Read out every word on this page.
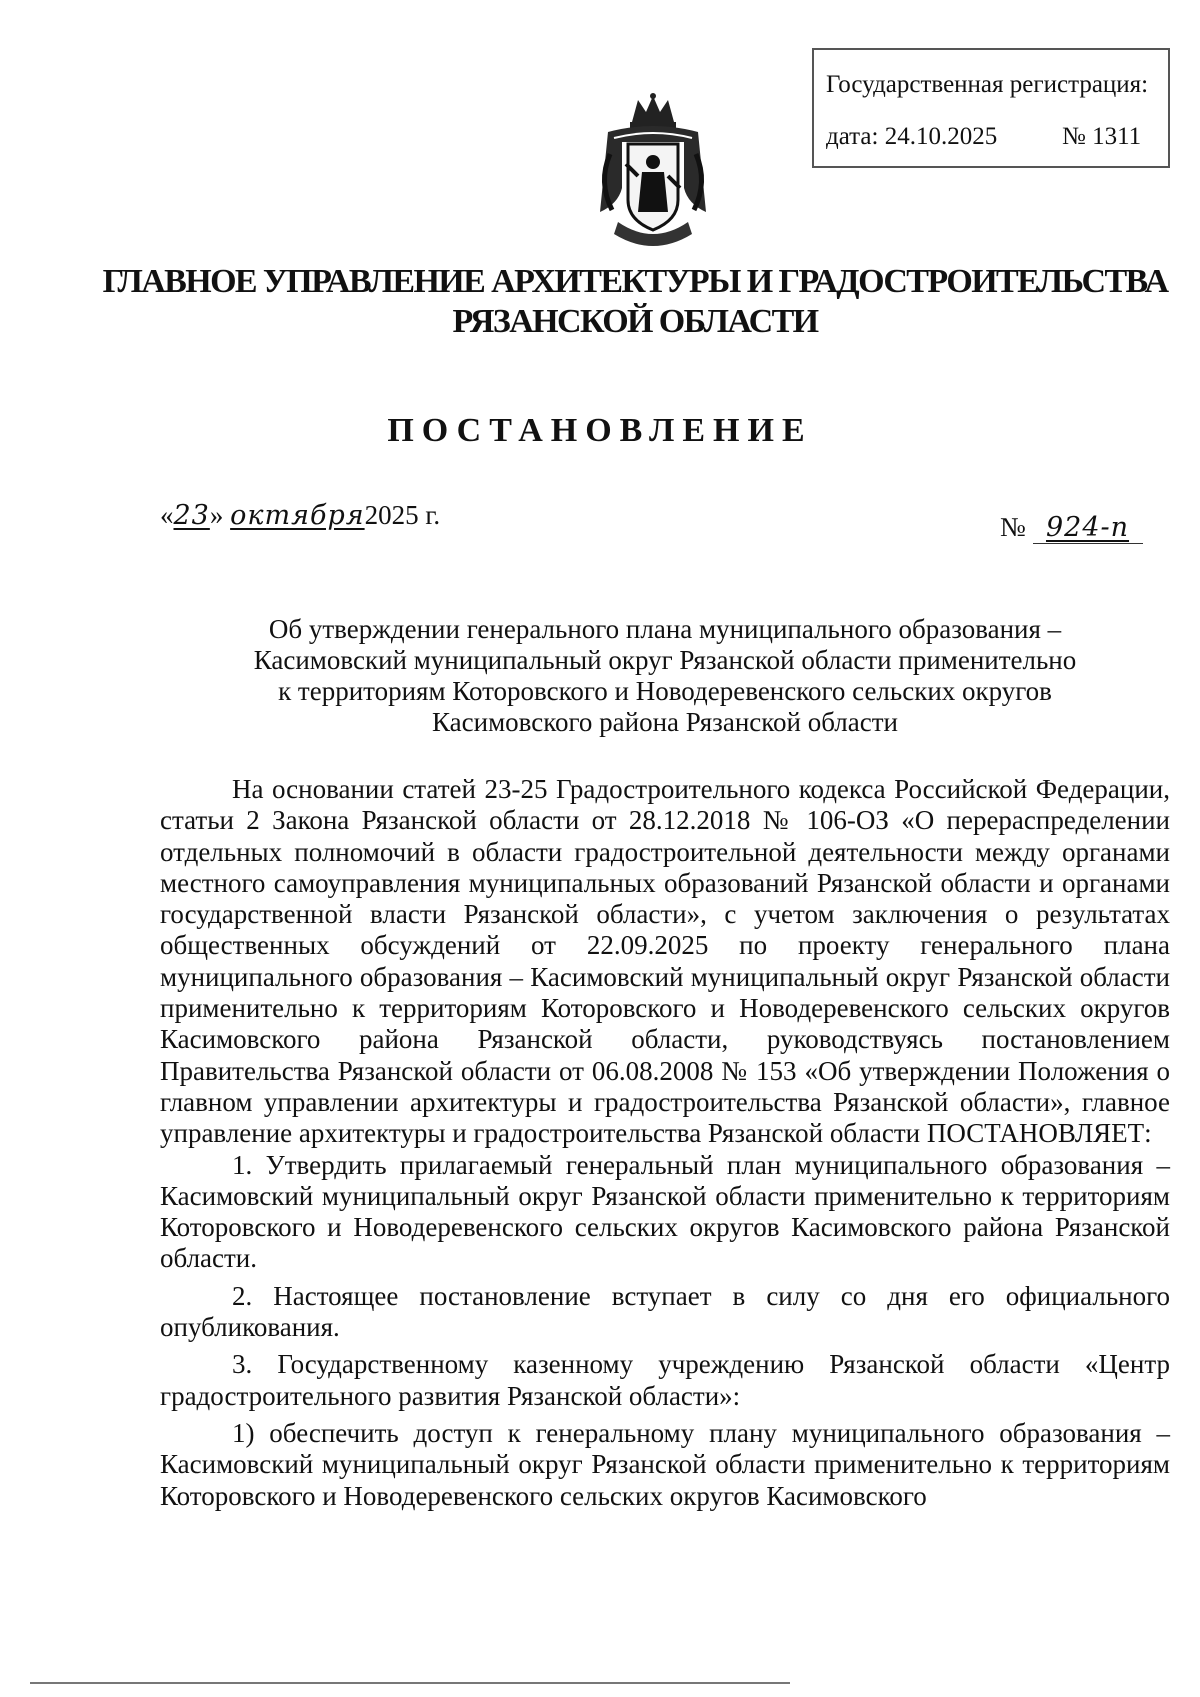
Государственная регистрация:
дата: 24.10.2025	№ 1311
ГЛАВНОЕ УПРАВЛЕНИЕ АРХИТЕКТУРЫ И ГРАДОСТРОИТЕЛЬСТВА
РЯЗАНСКОЙ ОБЛАСТИ
ПОСТАНОВЛЕНИЕ
«23» октября2025 г.	№ 924-п
Об утверждении генерального плана муниципального образования –
Касимовский муниципальный округ Рязанской области применительно
к территориям Которовского и Новодеревенского сельских округов
Касимовского района Рязанской области

На основании статей 23-25 Градостроительного кодекса Российской Федерации, статьи 2 Закона Рязанской области от 28.12.2018 № 106-ОЗ «О перераспределении отдельных полномочий в области градостроительной деятельности между органами местного самоуправления муниципальных образований Рязанской области и органами государственной власти Рязанской области», с учетом заключения о результатах общественных обсуждений от 22.09.2025 по проекту генерального плана муниципального образования – Касимовский муниципальный округ Рязанской области применительно к территориям Которовского и Новодеревенского сельских округов Касимовского района Рязанской области, руководствуясь постановлением Правительства Рязанской области от 06.08.2008 № 153 «Об утверждении Положения о главном управлении архитектуры и градостроительства Рязанской области», главное управление архитектуры и градостроительства Рязанской области ПОСТАНОВЛЯЕТ:

1. Утвердить прилагаемый генеральный план муниципального образования – Касимовский муниципальный округ Рязанской области применительно к территориям Которовского и Новодеревенского сельских округов Касимовского района Рязанской области.

2. Настоящее постановление вступает в силу со дня его официального опубликования.

3. Государственному казенному учреждению Рязанской области «Центр градостроительного развития Рязанской области»:

1) обеспечить доступ к генеральному плану муниципального образования – Касимовский муниципальный округ Рязанской области применительно к территориям Которовского и Новодеревенского сельских округов Касимовского
